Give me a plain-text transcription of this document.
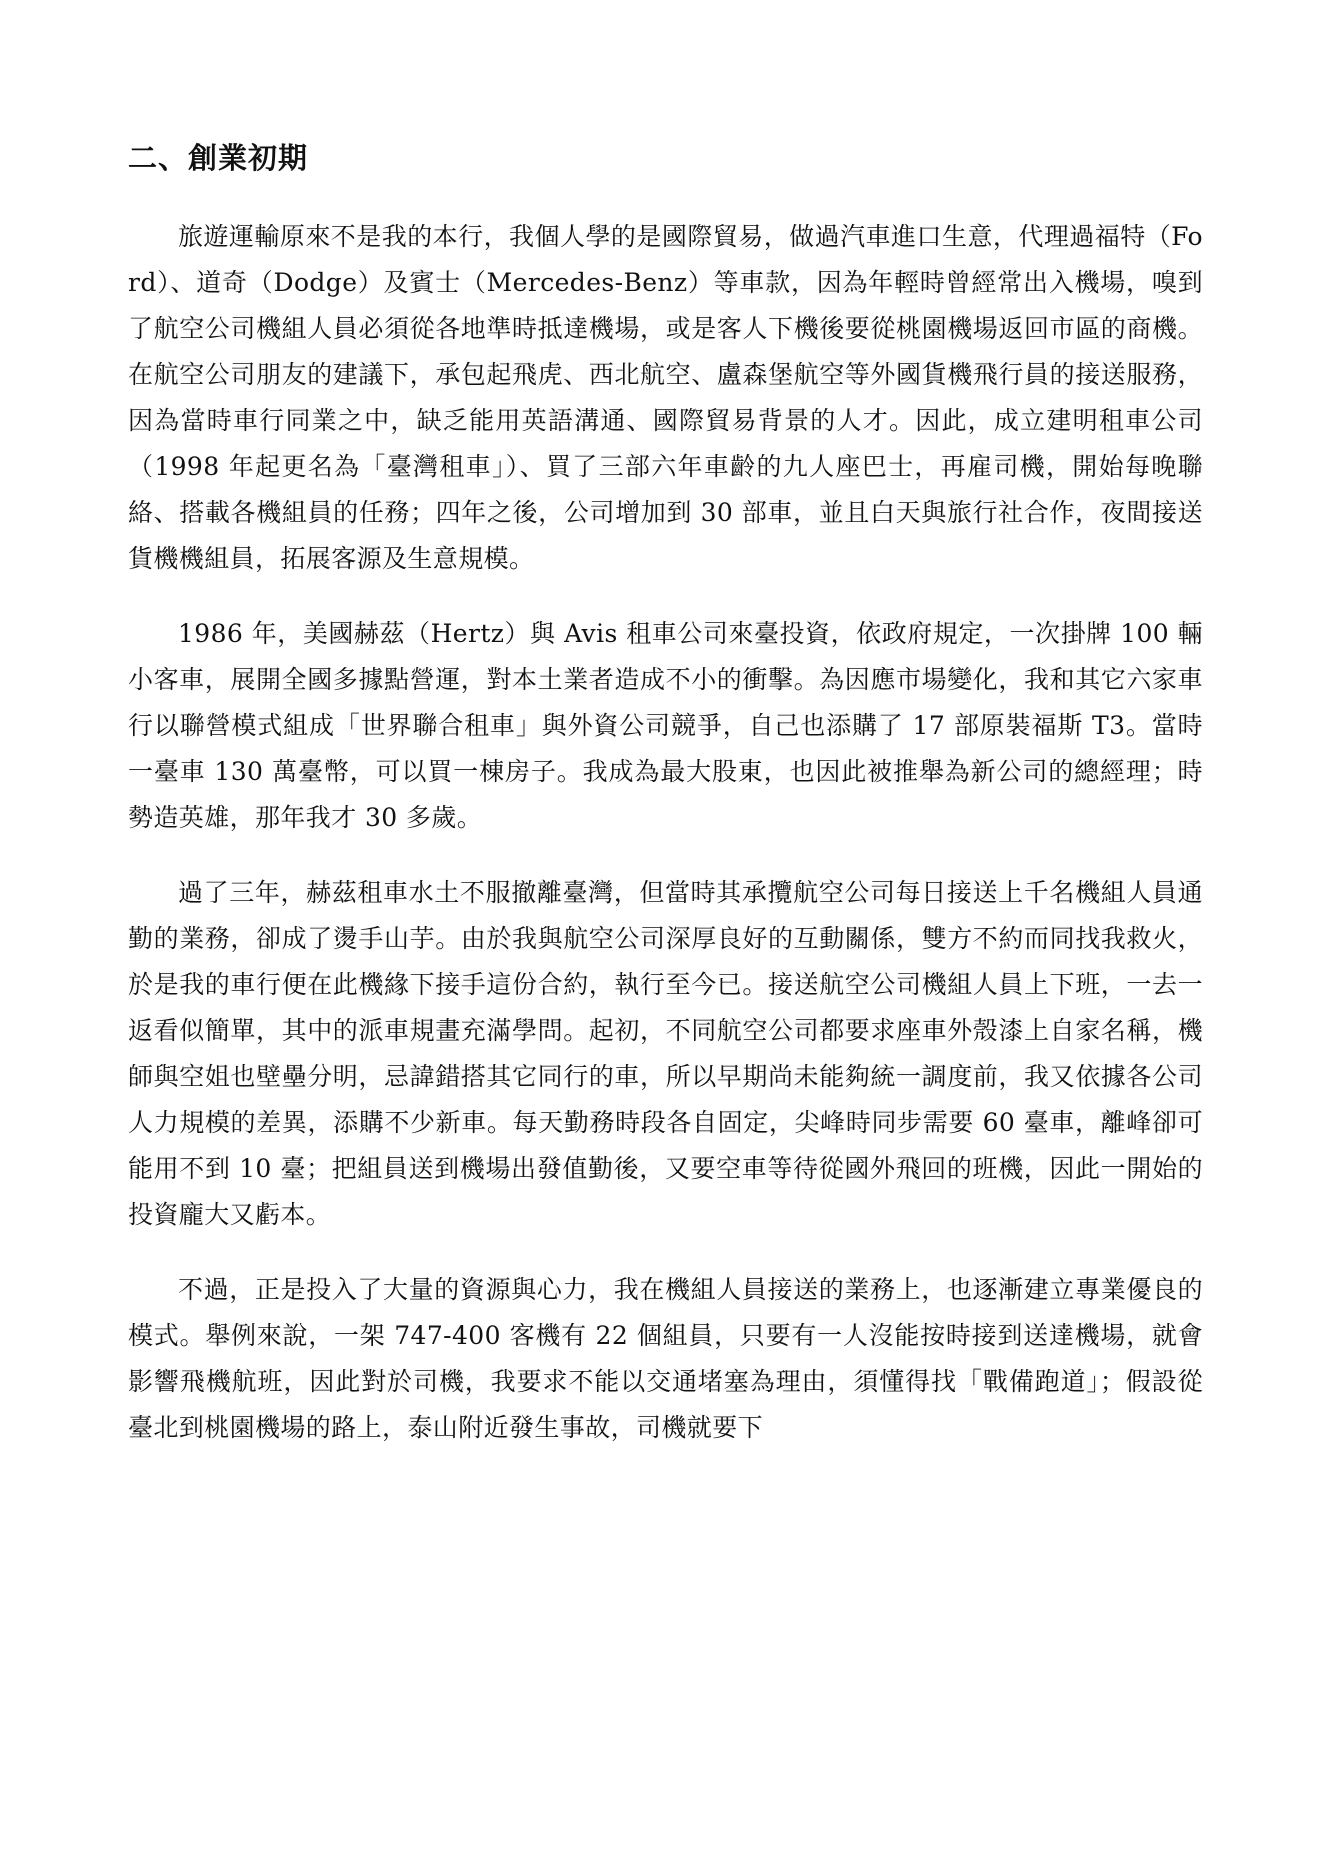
二、創業初期

旅遊運輸原來不是我的本行，我個人學的是國際貿易，做過汽車進口生意，代理過福特（Ford）、道奇（Dodge）及賓士（Mercedes-Benz）等車款，因為年輕時曾經常出入機場，嗅到了航空公司機組人員必須從各地準時抵達機場，或是客人下機後要從桃園機場返回市區的商機。在航空公司朋友的建議下，承包起飛虎、西北航空、盧森堡航空等外國貨機飛行員的接送服務，因為當時車行同業之中，缺乏能用英語溝通、國際貿易背景的人才。因此，成立建明租車公司（1998 年起更名為「臺灣租車」）、買了三部六年車齡的九人座巴士，再雇司機，開始每晚聯絡、搭載各機組員的任務；四年之後，公司增加到 30 部車，並且白天與旅行社合作，夜間接送貨機機組員，拓展客源及生意規模。

1986 年，美國赫茲（Hertz）與 Avis 租車公司來臺投資，依政府規定，一次掛牌 100 輛小客車，展開全國多據點營運，對本土業者造成不小的衝擊。為因應市場變化，我和其它六家車行以聯營模式組成「世界聯合租車」與外資公司競爭，自己也添購了 17 部原裝福斯 T3。當時一臺車 130 萬臺幣，可以買一棟房子。我成為最大股東，也因此被推舉為新公司的總經理；時勢造英雄，那年我才 30 多歲。

過了三年，赫茲租車水土不服撤離臺灣，但當時其承攬航空公司每日接送上千名機組人員通勤的業務，卻成了燙手山芋。由於我與航空公司深厚良好的互動關係，雙方不約而同找我救火，於是我的車行便在此機緣下接手這份合約，執行至今已。接送航空公司機組人員上下班，一去一返看似簡單，其中的派車規畫充滿學問。起初，不同航空公司都要求座車外殼漆上自家名稱，機師與空姐也壁壘分明，忌諱錯搭其它同行的車，所以早期尚未能夠統一調度前，我又依據各公司人力規模的差異，添購不少新車。每天勤務時段各自固定，尖峰時同步需要 60 臺車，離峰卻可能用不到 10 臺；把組員送到機場出發值勤後，又要空車等待從國外飛回的班機，因此一開始的投資龐大又虧本。

不過，正是投入了大量的資源與心力，我在機組人員接送的業務上，也逐漸建立專業優良的模式。舉例來說，一架 747-400 客機有 22 個組員，只要有一人沒能按時接到送達機場，就會影響飛機航班，因此對於司機，我要求不能以交通堵塞為理由，須懂得找「戰備跑道」；假設從臺北到桃園機場的路上，泰山附近發生事故，司機就要下
